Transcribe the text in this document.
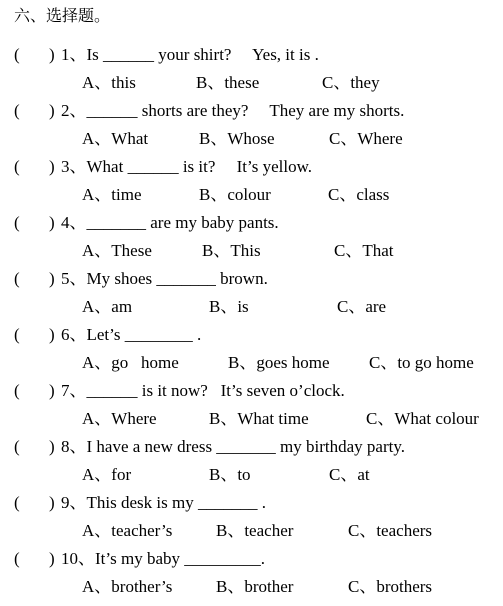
六、选择题。
( ) 1、Is ______ your shirt?     Yes, it is .
A、this	B、these	C、they
( ) 2、______ shorts are they?     They are my shorts.
A、What	B、Whose	C、Where
( ) 3、What ______ is it?     It’s yellow.
A、time	B、colour	C、class
( ) 4、_______ are my baby pants.
A、These	B、This	C、That
( ) 5、My shoes _______ brown.
A、am	B、is	C、are
( ) 6、Let’s ________ .
A、go   home	B、goes home C、to go home
( ) 7、______ is it now?   It’s seven o’clock.
A、Where	B、What time	C、What colour
( ) 8、I have a new dress _______ my birthday party.
A、for	B、to	C、at
( ) 9、This desk is my _______ .
A、teacher’s	B、teacher	C、teachers
( ) 10、It’s my baby _________.
A、brother’s	B、brother	C、brothers
